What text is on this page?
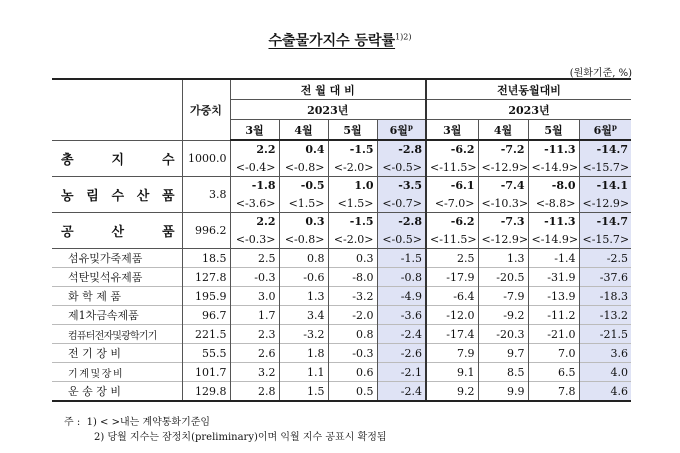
수출물가지수 등락률$^{1)2)}$
(원화기준, %)
	가중치	전 월 대 비				전년동월대비			
		2023년				2023년			
		3월	4월	5월	6월$^p$	3월	4월	5월	6월$^p$

총 지 수	1000.0	2.2	0.4	-1.5	-2.8	-6.2	-7.2	-11.3	-14.7
		<-0.4>	<-0.8>	<-2.0>	<-0.5>	<-11.5>	<-12.9>	<-14.9>	<-15.7>

농 림 수 산 품	3.8	-1.8	-0.5	1.0	-3.5	-6.1	-7.4	-8.0	-14.1
		<-3.6>	<1.5>	<1.5>	<-0.7>	<-7.0>	<-10.3>	<-8.8>	<-12.9>

공 산 품	996.2	2.2	0.3	-1.5	-2.8	-6.2	-7.3	-11.3	-14.7
		<-0.3>	<-0.8>	<-2.0>	<-0.5>	<-11.5>	<-12.9>	<-14.9>	<-15.7>
섬유및가죽제품	18.5	2.5	0.8	0.3	-1.5	2.5	1.3	-1.4	-2.5
석탄및석유제품	127.8	-0.3	-0.6	-8.0	-0.8	-17.9	-20.5	-31.9	-37.6
화 학 제 품	195.9	3.0	1.3	-3.2	-4.9	-6.4	-7.9	-13.9	-18.3
제1차금속제품	96.7	1.7	3.4	-2.0	-3.6	-12.0	-9.2	-11.2	-13.2
컴퓨터전자및광학기기	221.5	2.3	-3.2	0.8	-2.4	-17.4	-20.3	-21.0	-21.5
전 기 장 비	55.5	2.6	1.8	-0.3	-2.6	7.9	9.7	7.0	3.6
기 계 및 장 비	101.7	3.2	1.1	0.6	-2.1	9.1	8.5	6.5	4.0
운 송 장 비	129.8	2.8	1.5	0.5	-2.4	9.2	9.9	7.8	4.6
주 : 1) < >내는 계약통화기준임
2) 당월 지수는 잠정치(preliminary)이며 익월 지수 공표시 확정됨
